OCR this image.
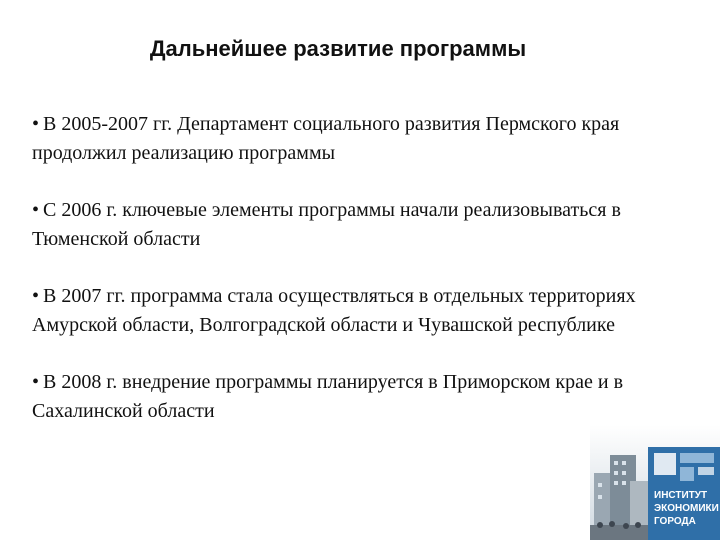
Дальнейшее развитие программы
• В 2005-2007 гг. Департамент социального развития Пермского края продолжил реализацию программы
• С 2006 г. ключевые элементы программы начали реализовываться в Тюменской области
• В 2007 гг. программа стала осуществляться в отдельных территориях Амурской области, Волгоградской области и Чувашской республике
• В 2008 г. внедрение программы планируется в Приморском крае и в Сахалинской области
ИНСТИТУТ
ЭКОНОМИКИ
ГОРОДА
